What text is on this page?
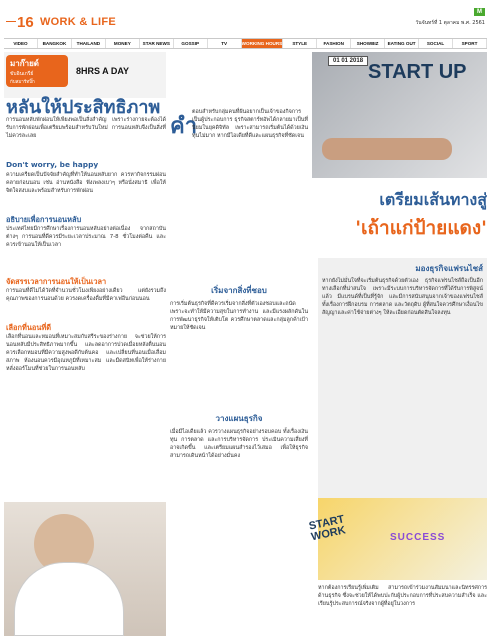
— 16 WORK & LIFE
M
วันจันทร์ที่ 1 ตุลาคม พ.ศ. 2561
VIDEO	BANGKOK	THAILAND	MONEY	STAR NEWS	GOSSIP	TV	WORKING HOURS	STYLE	FASHION	SHOWBIZ	EATING OUT	SOCIAL	SPORT
มาก๊ายด์
ขับอินเกรีย์
กับสมาร์ทบิ๊ก
8HRS A DAY
หลันให้ประสิทธิภาพ
การนอนหลับพักผ่อนให้เพียงพอเป็นสิ่งสำคัญ เพราะร่างกายจะต้องได้รับการพักผ่อนเพื่อเตรียมพร้อมสำหรับวันใหม่ การนอนหลับจึงเป็นสิ่งที่ไม่ควรละเลย
Don't worry, be happy
ความเครียดเป็นปัจจัยสำคัญที่ทำให้นอนหลับยาก ควรหากิจกรรมผ่อนคลายก่อนนอน เช่น อ่านหนังสือ ฟังเพลงเบาๆ หรือนั่งสมาธิ เพื่อให้จิตใจสงบและพร้อมสำหรับการพักผ่อน
อธิบายเพื่อการนอนหลับ
ประเทศไทยมีการศึกษาเรื่องการนอนหลับอย่างต่อเนื่อง จากสถาบันต่างๆ การนอนที่ดีควรมีระยะเวลาประมาณ 7-8 ชั่วโมงต่อคืน และควรเข้านอนให้เป็นเวลา
จัดสรรเวลาการนอนให้เป็นเวลา
การนอนที่ดีไม่ได้วัดที่จำนวนชั่วโมงเพียงอย่างเดียว แต่ยังรวมถึงคุณภาพของการนอนด้วย ควรงดเครื่องดื่มที่มีคาเฟอีนก่อนนอน
เลือกที่นอนที่ดี
เลือกที่นอนและหมอนที่เหมาะสมกับสรีระของร่างกาย จะช่วยให้การนอนหลับมีประสิทธิภาพมากขึ้น และลดอาการปวดเมื่อยหลังตื่นนอน ควรเลือกหมอนที่มีความสูงพอดีกับต้นคอ และเปลี่ยนที่นอนเมื่อเสื่อมสภาพ ห้องนอนควรมีอุณหภูมิที่เหมาะสม และมืดสนิทเพื่อให้ร่างกายหลั่งฮอร์โมนที่ช่วยในการนอนหลับ
คำ
ตอบสำหรับกลุ่มคนที่ฝันอยากเป็นเจ้าของกิจการเป็นผู้ประกอบการ ธุรกิจสตาร์ทอัพได้กลายมาเป็นที่นิยมในยุคดิจิทัล เพราะสามารถเริ่มต้นได้ด้วยเงินทุนไม่มาก หากมีไอเดียที่ดีและแผนธุรกิจที่ชัดเจน
01 01 2018 START UP
เตรียมเส้นทางสู่
'เถ้าแก่ป้ายแดง'
เริ่มจากสิ่งที่ชอบ
การเริ่มต้นธุรกิจที่ดีควรเริ่มจากสิ่งที่ตัวเองชอบและถนัด เพราะจะทำให้มีความสุขในการทำงาน และมีแรงผลักดันในการพัฒนาธุรกิจให้เติบโต ควรศึกษาตลาดและกลุ่มลูกค้าเป้าหมายให้ชัดเจน
วางแผนธุรกิจ
เมื่อมีไอเดียแล้ว ควรวางแผนธุรกิจอย่างรอบคอบ ทั้งเรื่องเงินทุน การตลาด และการบริหารจัดการ ประเมินความเสี่ยงที่อาจเกิดขึ้น และเตรียมแผนสำรองไว้เสมอ เพื่อให้ธุรกิจสามารถเดินหน้าได้อย่างมั่นคง
มองธุรกิจแฟรนไชส์
หากยังไม่มั่นใจที่จะเริ่มต้นธุรกิจด้วยตัวเอง ธุรกิจแฟรนไชส์ถือเป็นอีกทางเลือกที่น่าสนใจ เพราะมีระบบการบริหารจัดการที่ได้รับการพิสูจน์แล้ว มีแบรนด์ที่เป็นที่รู้จัก และมีการสนับสนุนจากเจ้าของแฟรนไชส์ ทั้งเรื่องการฝึกอบรม การตลาด และวัตถุดิบ ผู้ที่สนใจควรศึกษาเงื่อนไขสัญญาและค่าใช้จ่ายต่างๆ ให้ละเอียดก่อนตัดสินใจลงทุน
SUCCESS
START WORK
หากต้องการเรียนรู้เพิ่มเติม สามารถเข้าร่วมงานสัมมนาและนิทรรศการด้านธุรกิจ ซึ่งจะช่วยให้ได้พบปะกับผู้ประกอบการที่ประสบความสำเร็จ และเรียนรู้ประสบการณ์จริงจากผู้ที่อยู่ในวงการ
